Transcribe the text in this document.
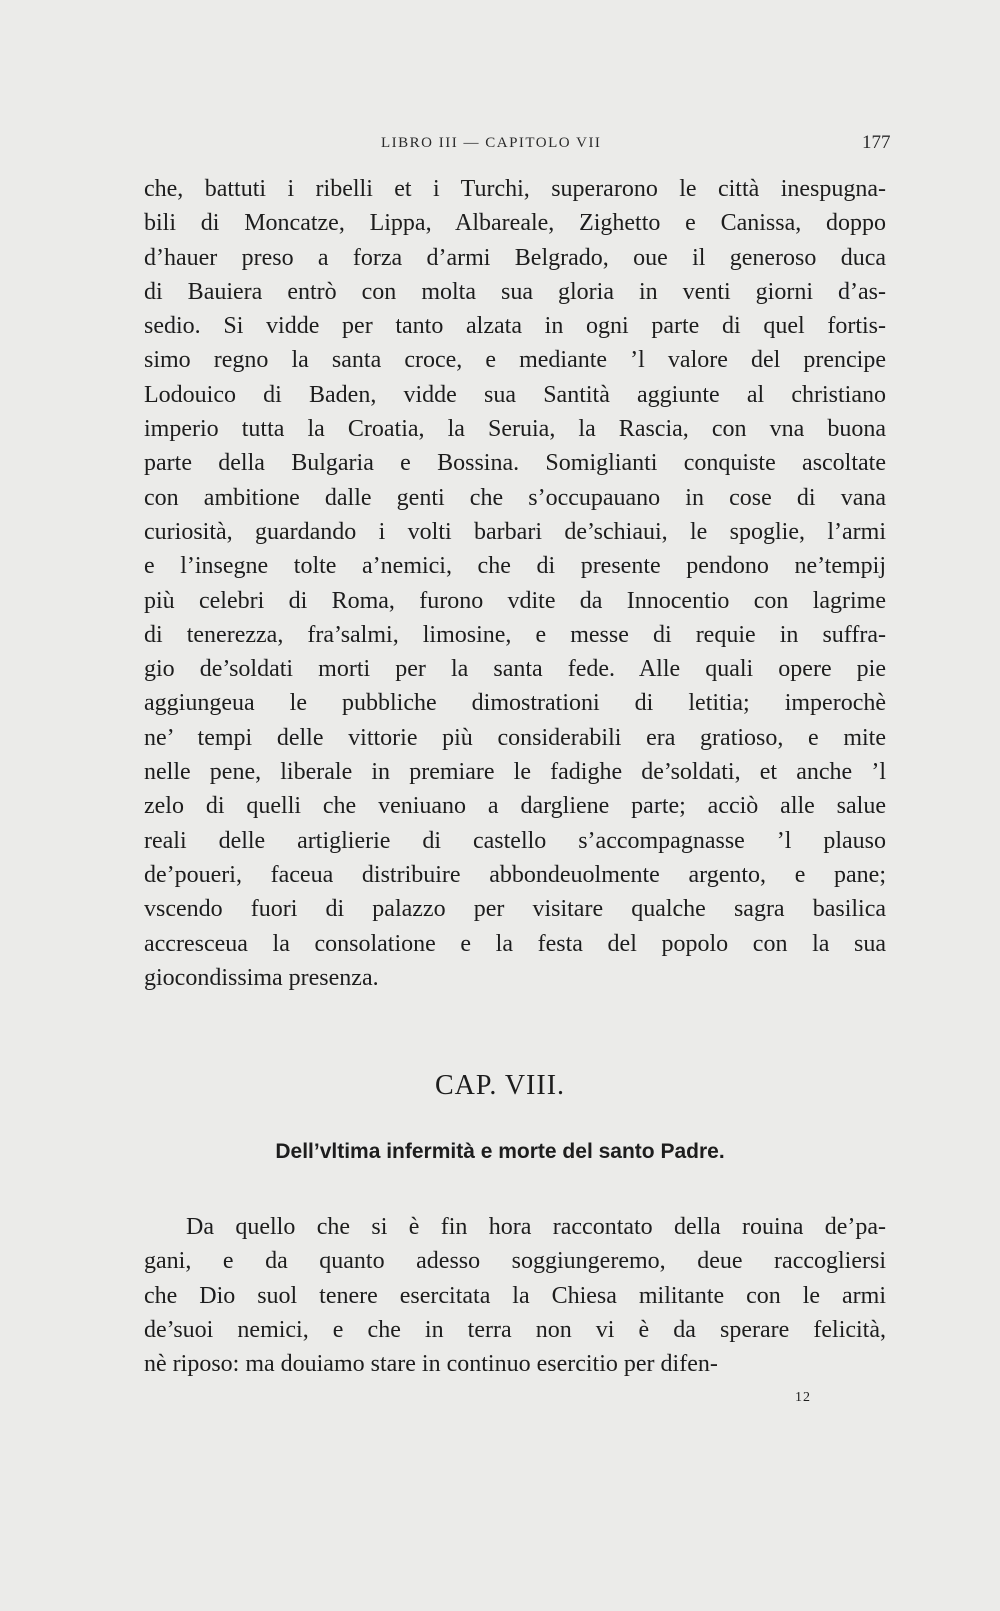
LIBRO III — CAPITOLO VII	177
che, battuti i ribelli et i Turchi, superarono le città inespugna-
bili di Moncatze, Lippa, Albareale, Zighetto e Canissa, doppo
d’hauer preso a forza d’armi Belgrado, oue il generoso duca
di Bauiera entrò con molta sua gloria in venti giorni d’as-
sedio. Si vidde per tanto alzata in ogni parte di quel fortis-
simo regno la santa croce, e mediante ’l valore del prencipe
Lodouico di Baden, vidde sua Santità aggiunte al christiano
imperio tutta la Croatia, la Seruia, la Rascia, con vna buona
parte della Bulgaria e Bossina. Somiglianti conquiste ascoltate
con ambitione dalle genti che s’occupauano in cose di vana
curiosità, guardando i volti barbari de’schiaui, le spoglie, l’armi
e l’insegne tolte a’nemici, che di presente pendono ne’tempij
più celebri di Roma, furono vdite da Innocentio con lagrime
di tenerezza, fra’salmi, limosine, e messe di requie in suffra-
gio de’soldati morti per la santa fede. Alle quali opere pie
aggiungeua le pubbliche dimostrationi di letitia; imperochè
ne’ tempi delle vittorie più considerabili era gratioso, e mite
nelle pene, liberale in premiare le fadighe de’soldati, et anche ’l
zelo di quelli che veniuano a dargliene parte; acciò alle salue
reali delle artiglierie di castello s’accompagnasse ’l plauso
de’poueri, faceua distribuire abbondeuolmente argento, e pane;
vscendo fuori di palazzo per visitare qualche sagra basilica
accresceua la consolatione e la festa del popolo con la sua
giocondissima presenza.
CAP. VIII.
Dell’vltima infermità e morte del santo Padre.
Da quello che si è fin hora raccontato della rouina de’pa-
gani, e da quanto adesso soggiungeremo, deue raccogliersi
che Dio suol tenere esercitata la Chiesa militante con le armi
de’suoi nemici, e che in terra non vi è da sperare felicità,
nè riposo: ma douiamo stare in continuo esercitio per difen-
12
